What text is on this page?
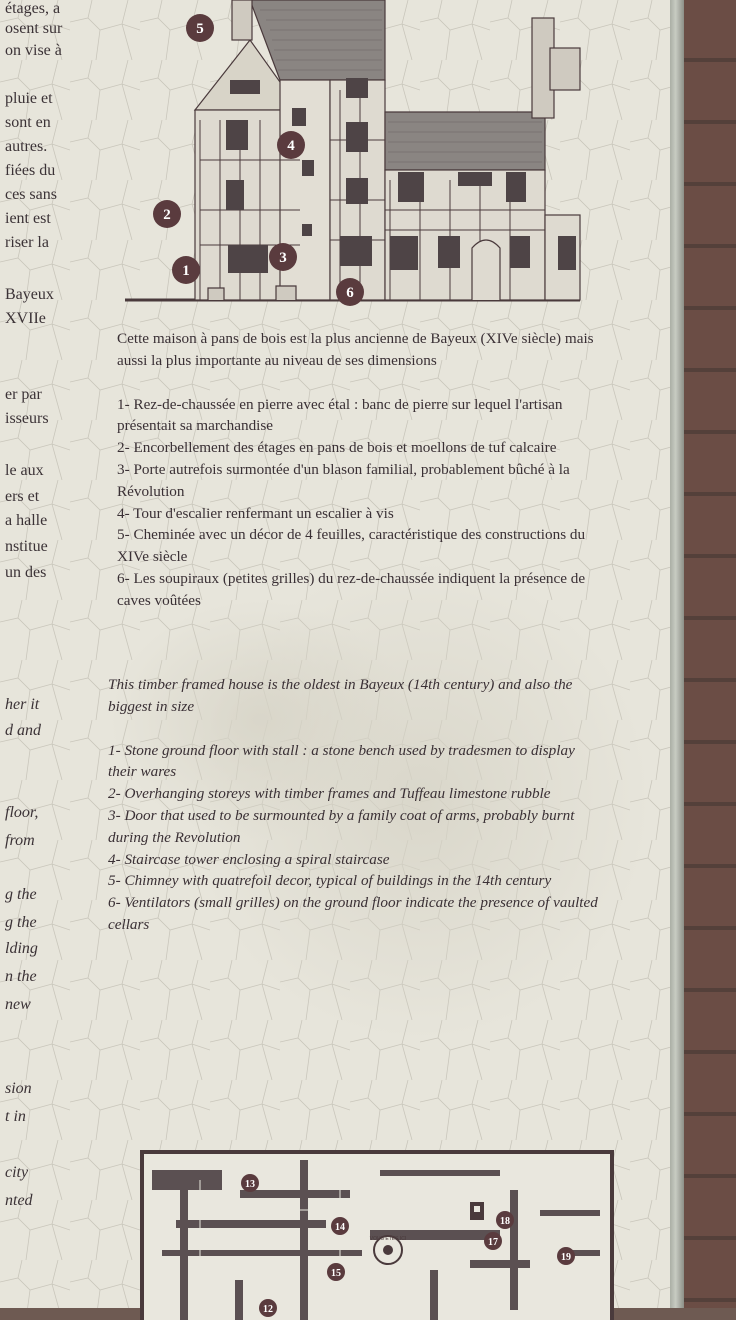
étages, a
osent sur
on vise à
pluie et
sont en
autres.
fiées du
ces sans
ient est
riser la
Bayeux
XVIIe
er par
isseurs
le aux
ers et
a halle
nstitue
un des
her it
d and
floor,
from
g the
g the
lding
n the
new
sion
t in
city
nted
5
4
2
3
1
6

Cette maison à pans de bois est la plus ancienne de Bayeux (XIVe siècle) mais aussi la plus importante au niveau de ses dimensions

1- Rez-de-chaussée en pierre avec étal : banc de pierre sur lequel l'artisan présentait sa marchandise

2- Encorbellement des étages en pans de bois et moellons de tuf calcaire

3- Porte autrefois surmontée d'un blason familial, probablement bûché à la Révolution

4- Tour d'escalier renfermant un escalier à vis

5- Cheminée avec un décor de 4 feuilles, caractéristique des constructions du XIVe siècle

6- Les soupiraux (petites grilles) du rez-de-chaussée indiquent la présence de caves voûtées

This timber framed house is the oldest in Bayeux (14th century) and also the biggest in size

1- Stone ground floor with stall : a stone bench used by tradesmen to display their wares

2- Overhanging storeys with timber frames and Tuffeau limestone rubble

3- Door that used to be surmounted by a family coat of arms, probably burnt during the Revolution

4- Staircase tower enclosing a spiral staircase

5- Chimney with quatrefoil decor, typical of buildings in the 14th century

6- Ventilators (small grilles) on the ground floor indicate the presence of vaulted cellars

13
14
15
17
18
19
12
VOUS ÊTES ICI
